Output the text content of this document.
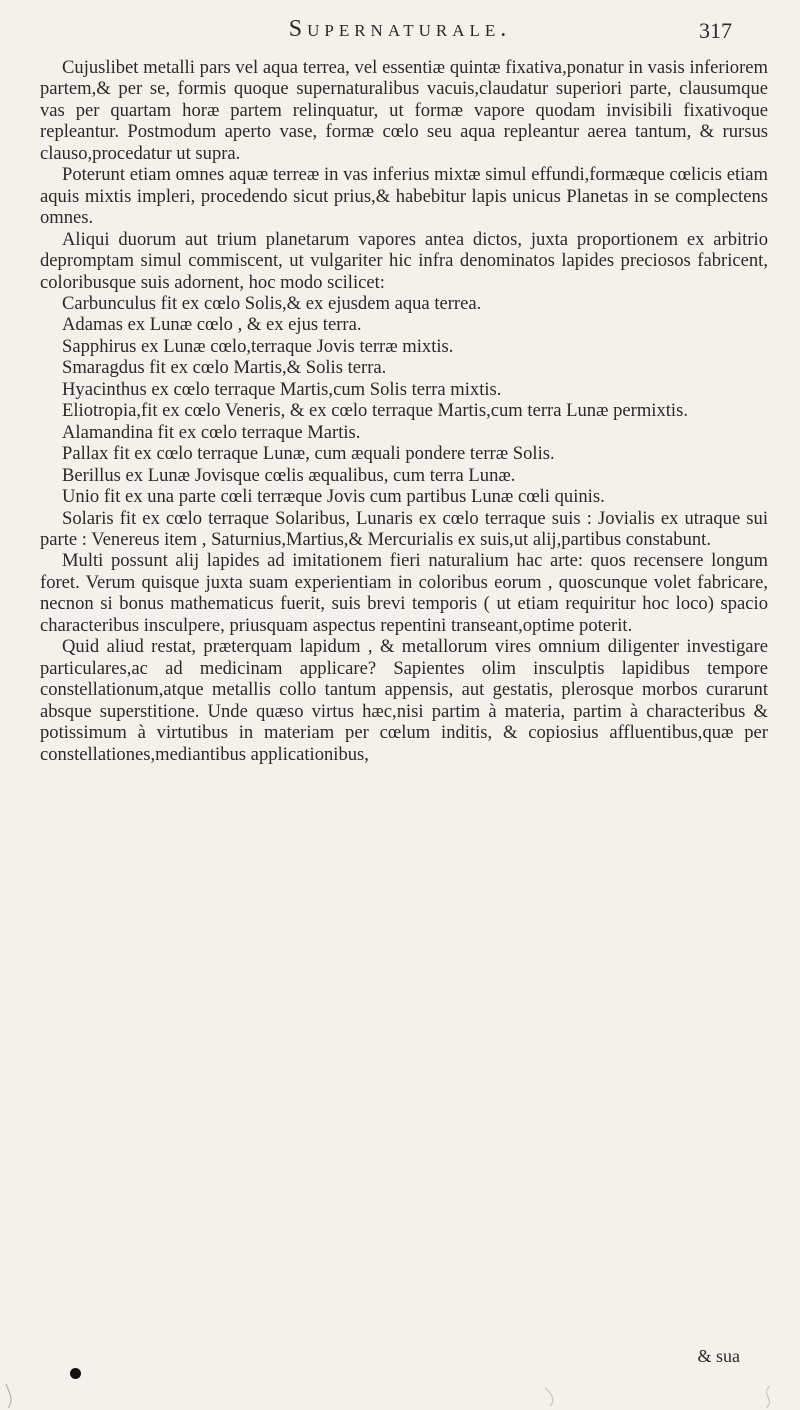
Supernaturale.	317

Cujuslibet metalli pars vel aqua terrea, vel essentiæ quintæ fixativa,ponatur in vasis inferiorem partem,& per se, formis quoque supernaturalibus vacuis,claudatur superiori parte, clausumque vas per quartam horæ partem relinquatur, ut formæ vapore quodam invisibili fixativoque repleantur. Postmodum aperto vase, formæ cœlo seu aqua repleantur aerea tantum, & rursus clauso,procedatur ut supra.

Poterunt etiam omnes aquæ terreæ in vas inferius mixtæ simul effundi,formæque cœlicis etiam aquis mixtis impleri, procedendo sicut prius,& habebitur lapis unicus Planetas in se complectens omnes.

Aliqui duorum aut trium planetarum vapores antea dictos, juxta proportionem ex arbitrio depromptam simul commiscent, ut vulgariter hic infra denominatos lapides preciosos fabricent, coloribusque suis adornent, hoc modo scilicet:

Carbunculus fit ex cœlo Solis,& ex ejusdem aqua terrea.

Adamas ex Lunæ cœlo , & ex ejus terra.

Sapphirus ex Lunæ cœlo,terraque Jovis terræ mixtis.

Smaragdus fit ex cœlo Martis,& Solis terra.

Hyacinthus ex cœlo terraque Martis,cum Solis terra mixtis.

Eliotropia,fit ex cœlo Veneris, & ex cœlo terraque Martis,cum terra Lunæ permixtis.

Alamandina fit ex cœlo terraque Martis.

Pallax fit ex cœlo terraque Lunæ, cum æquali pondere terræ Solis.

Berillus ex Lunæ Jovisque cœlis æqualibus, cum terra Lunæ.

Unio fit ex una parte cœli terræque Jovis cum partibus Lunæ cœli quinis.

Solaris fit ex cœlo terraque Solaribus, Lunaris ex cœlo terraque suis : Jovialis ex utraque sui parte : Venereus item , Saturnius,Martius,& Mercurialis ex suis,ut alij,partibus constabunt.

Multi possunt alij lapides ad imitationem fieri naturalium hac arte: quos recensere longum foret. Verum quisque juxta suam experientiam in coloribus eorum , quoscunque volet fabricare, necnon si bonus mathematicus fuerit, suis brevi temporis ( ut etiam requiritur hoc loco) spacio characteribus insculpere, priusquam aspectus repentini transeant,optime poterit.

Quid aliud restat, præterquam lapidum , & metallorum vires omnium diligenter investigare particulares,ac ad medicinam applicare? Sapientes olim insculptis lapidibus tempore constellationum,atque metallis collo tantum appensis, aut gestatis, plerosque morbos curarunt absque superstitione. Unde quæso virtus hæc,nisi partim à materia, partim à characteribus & potissimum à virtutibus in materiam per cœlum inditis, & copiosius affluentibus,quæ per constellationes,mediantibus applicationibus,

& sua
